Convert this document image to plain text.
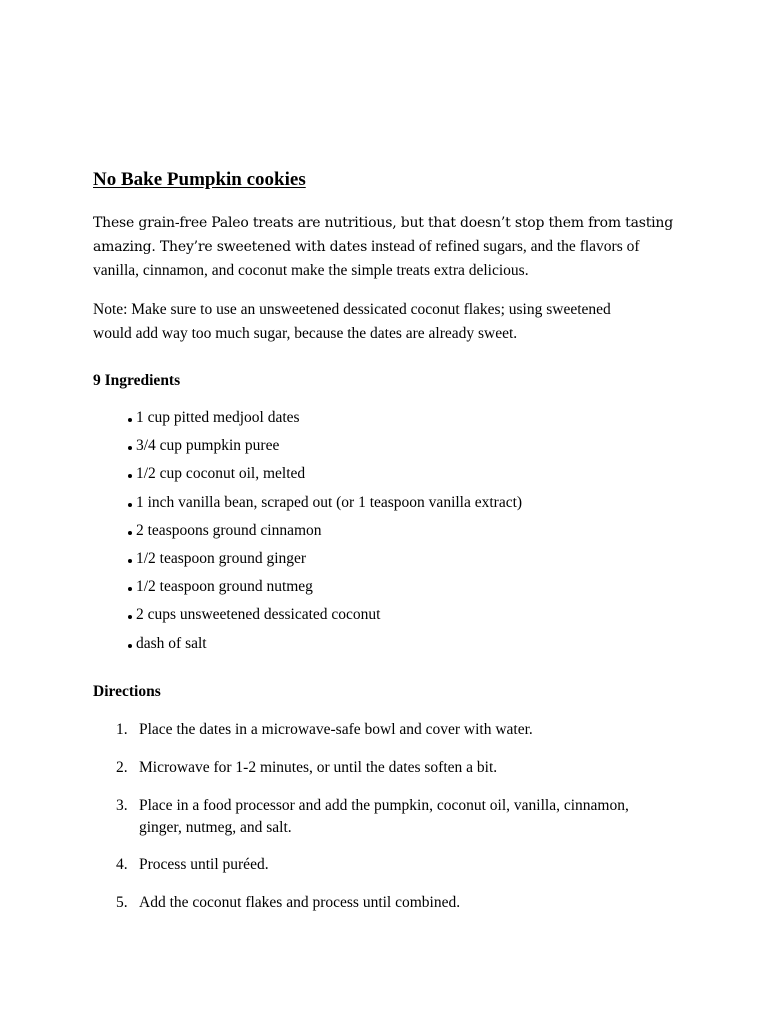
No Bake Pumpkin cookies

These grain-free Paleo treats are nutritious, but that doesn’t stop them from tasting
amazing. They’re sweetened with dates instead of refined sugars, and the flavors of
vanilla, cinnamon, and coconut make the simple treats extra delicious.

Note: Make sure to use an unsweetened dessicated coconut flakes; using sweetened
would add way too much sugar, because the dates are already sweet.

9 Ingredients
1 cup pitted medjool dates
3/4 cup pumpkin puree
1/2 cup coconut oil, melted
1 inch vanilla bean, scraped out (or 1 teaspoon vanilla extract)
2 teaspoons ground cinnamon
1/2 teaspoon ground ginger
1/2 teaspoon ground nutmeg
2 cups unsweetened dessicated coconut
dash of salt
Directions
1. Place the dates in a microwave-safe bowl and cover with water.
2. Microwave for 1-2 minutes, or until the dates soften a bit.
3. Place in a food processor and add the pumpkin, coconut oil, vanilla, cinnamon,
ginger, nutmeg, and salt.
4. Process until puréed.
5. Add the coconut flakes and process until combined.
